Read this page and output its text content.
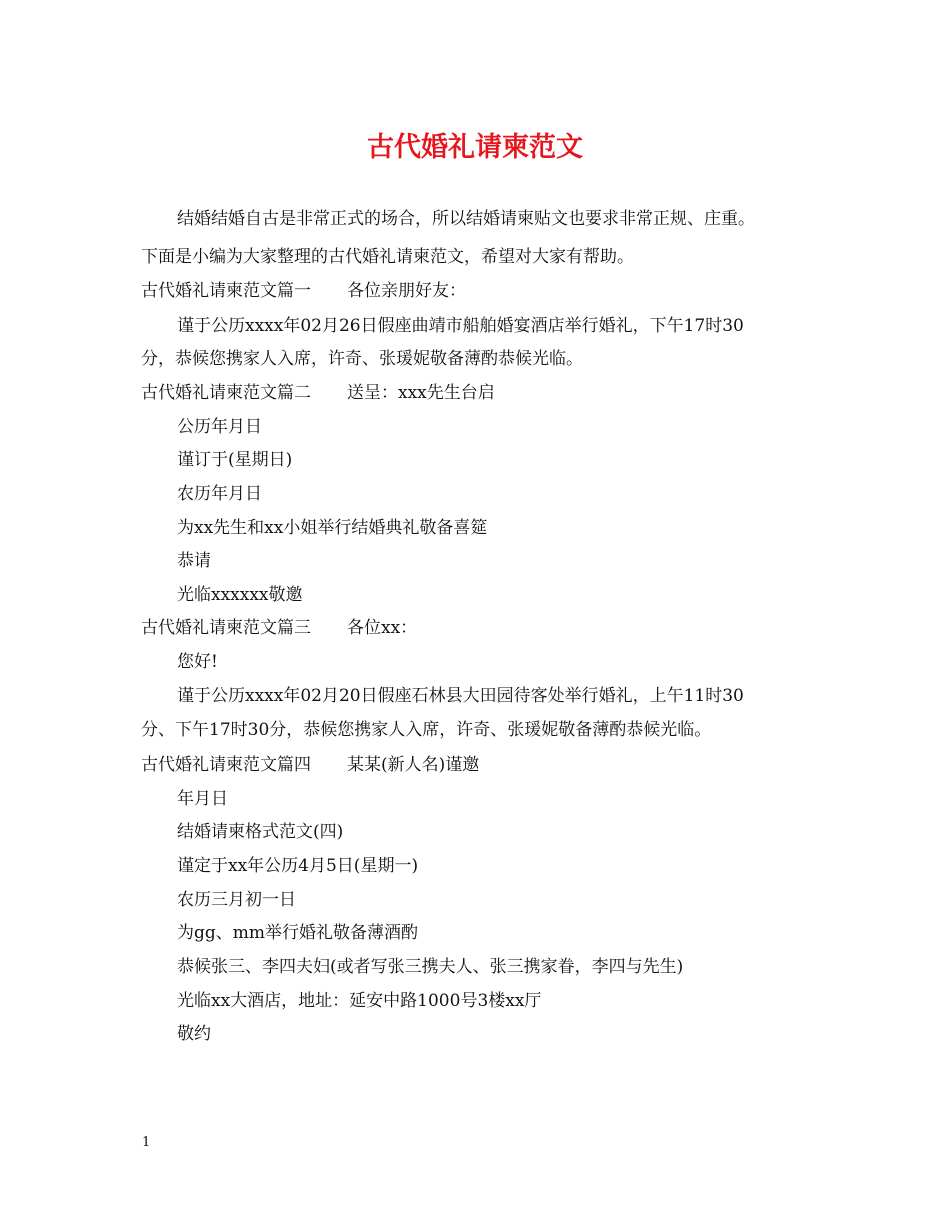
古代婚礼请柬范文

结婚结婚自古是非常正式的场合，所以结婚请柬贴文也要求非常正规、庄重。

下面是小编为大家整理的古代婚礼请柬范文，希望对大家有帮助。

古代婚礼请柬范文篇一 各位亲朋好友：

谨于公历xxxx年02月26日假座曲靖市船舶婚宴酒店举行婚礼，下午17时30

分，恭候您携家人入席，许奇、张瑗妮敬备薄酌恭候光临。

古代婚礼请柬范文篇二 送呈：xxx先生台启

公历年月日

谨订于(星期日)

农历年月日

为xx先生和xx小姐举行结婚典礼敬备喜筵

恭请

光临xxxxxx敬邀

古代婚礼请柬范文篇三 各位xx：

您好!

谨于公历xxxx年02月20日假座石林县大田园待客处举行婚礼，上午11时30

分、下午17时30分，恭候您携家人入席，许奇、张瑗妮敬备薄酌恭候光临。

古代婚礼请柬范文篇四 某某(新人名)谨邀

年月日

结婚请柬格式范文(四)

谨定于xx年公历4月5日(星期一)

农历三月初一日

为gg、mm举行婚礼敬备薄酒酌

恭候张三、李四夫妇(或者写张三携夫人、张三携家眷，李四与先生)

光临xx大酒店，地址：延安中路1000号3楼xx厅

敬约

1
